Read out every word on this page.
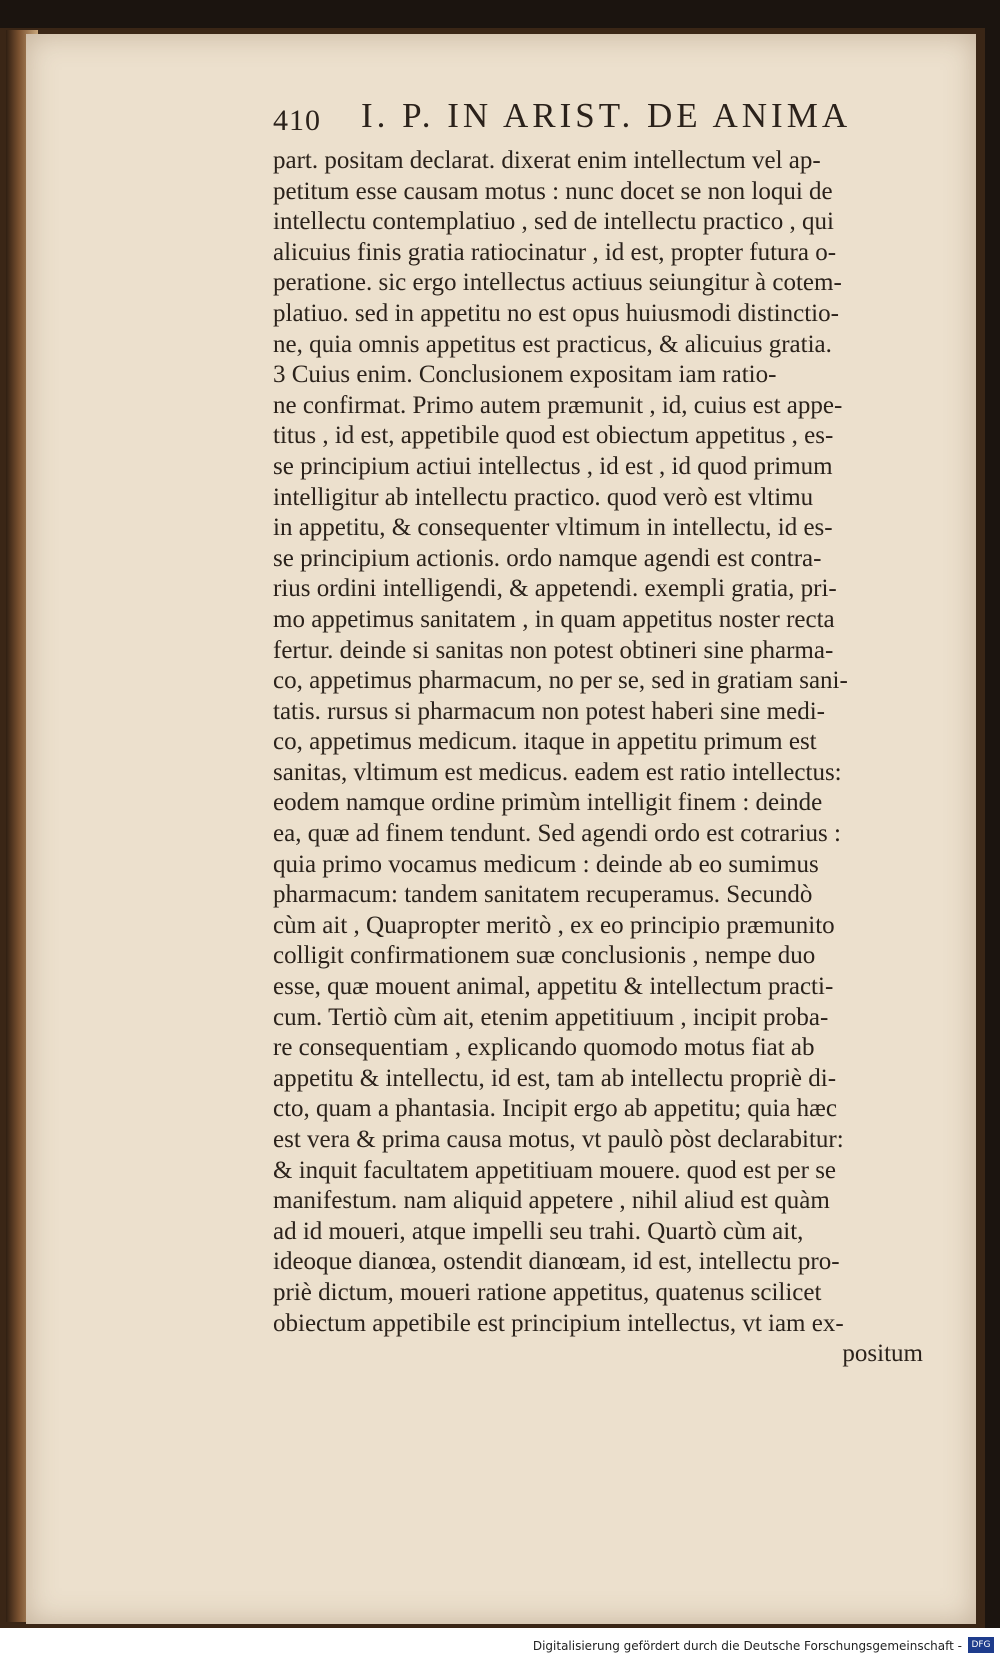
410 I. P. IN ARIST. DE ANIMA
part. positam declarat. dixerat enim intellectum vel ap-
petitum esse causam motus : nunc docet se non loqui de
intellectu contemplatiuo , sed de intellectu practico , qui
alicuius finis gratia ratiocinatur , id est, propter futura o-
peratione. sic ergo intellectus actiuus seiungitur à cotem-
platiuo. sed in appetitu no est opus huiusmodi distinctio-
ne, quia omnis appetitus est practicus, & alicuius gratia.
3 Cuius enim. Conclusionem expositam iam ratio-
ne confirmat. Primo autem præmunit , id, cuius est appe-
titus , id est, appetibile quod est obiectum appetitus , es-
se principium actiui intellectus , id est , id quod primum
intelligitur ab intellectu practico. quod verò est vltimu
in appetitu, & consequenter vltimum in intellectu, id es-
se principium actionis. ordo namque agendi est contra-
rius ordini intelligendi, & appetendi. exempli gratia, pri-
mo appetimus sanitatem , in quam appetitus noster recta
fertur. deinde si sanitas non potest obtineri sine pharma-
co, appetimus pharmacum, no per se, sed in gratiam sani-
tatis. rursus si pharmacum non potest haberi sine medi-
co, appetimus medicum. itaque in appetitu primum est
sanitas, vltimum est medicus. eadem est ratio intellectus:
eodem namque ordine primùm intelligit finem : deinde
ea, quæ ad finem tendunt. Sed agendi ordo est cotrarius :
quia primo vocamus medicum : deinde ab eo sumimus
pharmacum: tandem sanitatem recuperamus. Secundò
cùm ait , Quapropter meritò , ex eo principio præmunito
colligit confirmationem suæ conclusionis , nempe duo
esse, quæ mouent animal, appetitu & intellectum practi-
cum. Tertiò cùm ait, etenim appetitiuum , incipit proba-
re consequentiam , explicando quomodo motus fiat ab
appetitu & intellectu, id est, tam ab intellectu propriè di-
cto, quam a phantasia. Incipit ergo ab appetitu; quia hæc
est vera & prima causa motus, vt paulò pòst declarabitur:
& inquit facultatem appetitiuam mouere. quod est per se
manifestum. nam aliquid appetere , nihil aliud est quàm
ad id moueri, atque impelli seu trahi. Quartò cùm ait,
ideoque dianœa, ostendit dianœam, id est, intellectu pro-
priè dictum, moueri ratione appetitus, quatenus scilicet
obiectum appetibile est principium intellectus, vt iam ex-
positum
Digitalisierung gefördert durch die Deutsche Forschungsgemeinschaft -	DFG
